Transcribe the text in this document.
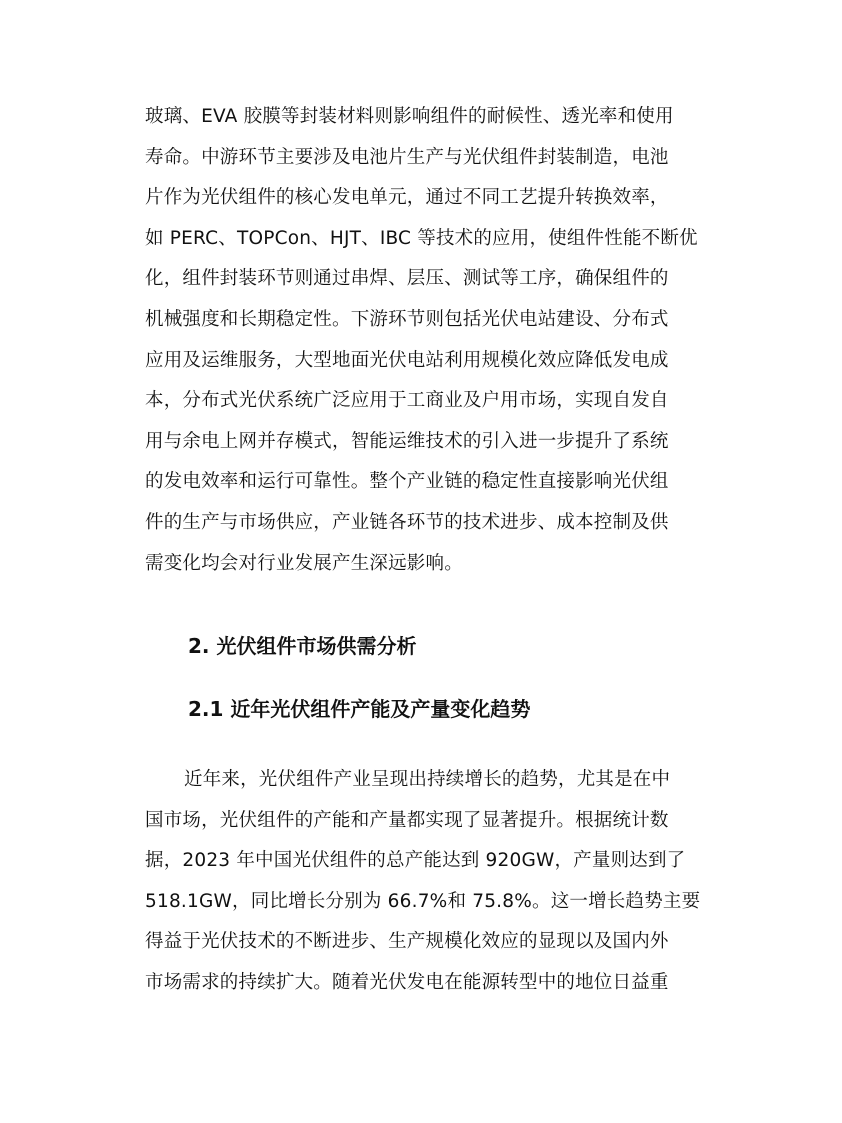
玻璃、EVA 胶膜等封装材料则影响组件的耐候性、透光率和使用
寿命。中游环节主要涉及电池片生产与光伏组件封装制造，电池
片作为光伏组件的核心发电单元，通过不同工艺提升转换效率，
如 PERC、TOPCon、HJT、IBC 等技术的应用，使组件性能不断优
化，组件封装环节则通过串焊、层压、测试等工序，确保组件的
机械强度和长期稳定性。下游环节则包括光伏电站建设、分布式
应用及运维服务，大型地面光伏电站利用规模化效应降低发电成
本，分布式光伏系统广泛应用于工商业及户用市场，实现自发自
用与余电上网并存模式，智能运维技术的引入进一步提升了系统
的发电效率和运行可靠性。整个产业链的稳定性直接影响光伏组
件的生产与市场供应，产业链各环节的技术进步、成本控制及供
需变化均会对行业发展产生深远影响。
2. 光伏组件市场供需分析
2.1 近年光伏组件产能及产量变化趋势
近年来，光伏组件产业呈现出持续增长的趋势，尤其是在中
国市场，光伏组件的产能和产量都实现了显著提升。根据统计数
据，2023 年中国光伏组件的总产能达到 920GW，产量则达到了
518.1GW，同比增长分别为 66.7%和 75.8%。这一增长趋势主要
得益于光伏技术的不断进步、生产规模化效应的显现以及国内外
市场需求的持续扩大。随着光伏发电在能源转型中的地位日益重
